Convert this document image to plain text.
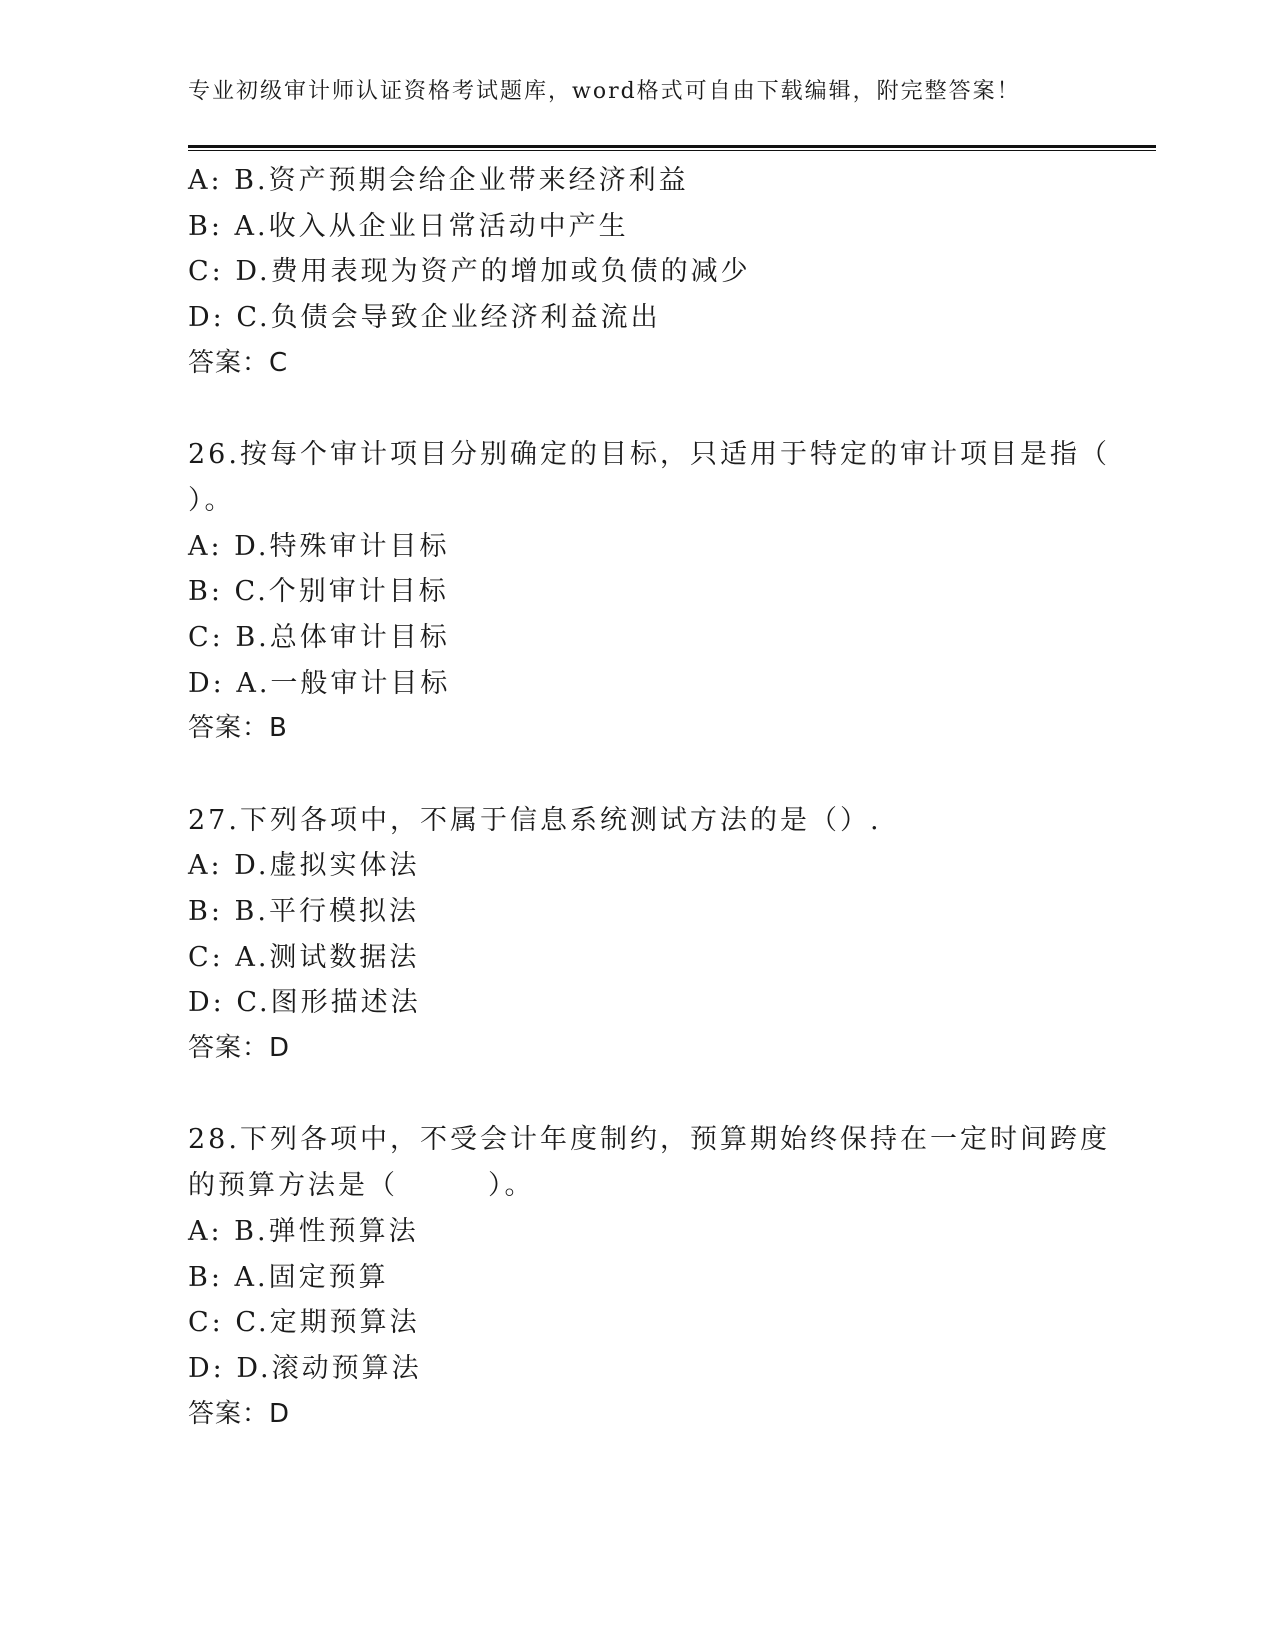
专业初级审计师认证资格考试题库，word格式可自由下载编辑，附完整答案！
A: B.资产预期会给企业带来经济利益
B: A.收入从企业日常活动中产生
C: D.费用表现为资产的增加或负债的减少
D: C.负债会导致企业经济利益流出
答案：C
26.按每个审计项目分别确定的目标，只适用于特定的审计项目是指（
）。
A: D.特殊审计目标
B: C.个别审计目标
C: B.总体审计目标
D: A.一般审计目标
答案：B
27.下列各项中，不属于信息系统测试方法的是（）.
A: D.虚拟实体法
B: B.平行模拟法
C: A.测试数据法
D: C.图形描述法
答案：D
28.下列各项中，不受会计年度制约，预算期始终保持在一定时间跨度
的预算方法是（　　　）。
A: B.弹性预算法
B: A.固定预算
C: C.定期预算法
D: D.滚动预算法
答案：D
